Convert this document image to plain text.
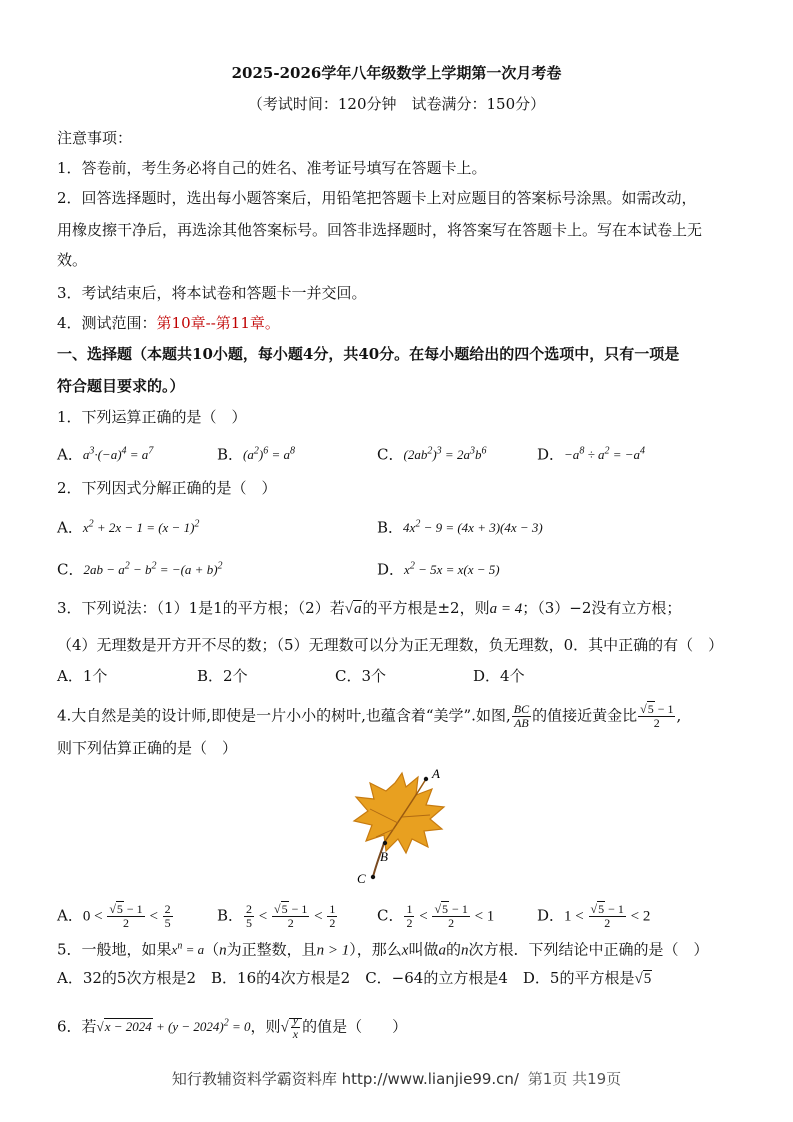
2025-2026学年八年级数学上学期第一次月考卷
（考试时间：120分钟　试卷满分：150分）
注意事项：
1．答卷前，考生务必将自己的姓名、准考证号填写在答题卡上。
2．回答选择题时，选出每小题答案后，用铅笔把答题卡上对应题目的答案标号涂黑。如需改动，
用橡皮擦干净后，再选涂其他答案标号。回答非选择题时，将答案写在答题卡上。写在本试卷上无
效。
3．考试结束后，将本试卷和答题卡一并交回。
4．测试范围：第10章--第11章。
一、选择题（本题共10小题，每小题4分，共40分。在每小题给出的四个选项中，只有一项是
符合题目要求的。）
1．下列运算正确的是（　）
A．$a^3\cdot(-a)^4 = a^7$	B．$(a^2)^6 = a^8$	C．$(2ab^2)^3 = 2a^3b^6$	D．$-a^8 \div a^2 = -a^4$
2．下列因式分解正确的是（　）
A．$x^2 + 2x - 1 = (x - 1)^2$	B．$4x^2 - 9 = (4x + 3)(4x - 3)$
C．$2ab - a^2 - b^2 = -(a + b)^2$	D．$x^2 - 5x = x(x - 5)$
3．下列说法：（1）1是1的平方根；（2）若√a的平方根是±2，则a = 4；（3）−2没有立方根；
（4）无理数是开方开不尽的数；（5）无理数可以分为正无理数，负无理数，0．其中正确的有（　）
A．1个	B．2个	C．3个	D．4个
4.大自然是美的设计师,即使是一片小小的树叶,也蕴含着“美学”.如图, $\frac{BC}{AB}$ 的值接近黄金比 $\frac{√5 - 1}{2}$ ,
则下列估算正确的是（　）
A
B
C
A．$0 < \frac{√5 - 1}{2} < \frac{2}{5}$	B． $\frac{2}{5} < \frac{√5 - 1}{2} < \frac{1}{2}$	C． $\frac{1}{2} < \frac{√5 - 1}{2} < 1$	D．$1 < \frac{√5 - 1}{2} < 2$
5．一般地，如果$x^n = a(n$为正整数，且n > 1），那么x叫做a的n次方根．下列结论中正确的是（　）
A．32的5次方根是2　B．16的4次方根是2　C．−64的立方根是4　D．5的平方根是√5
6．若$√x - 2024 + (y - 2024)^2 = 0$，则√ $\frac{y}{x}$ 的值是（　　）
知行教辅资料学霸资料库 http://www.lianjie99.cn/ 第1页 共19页
